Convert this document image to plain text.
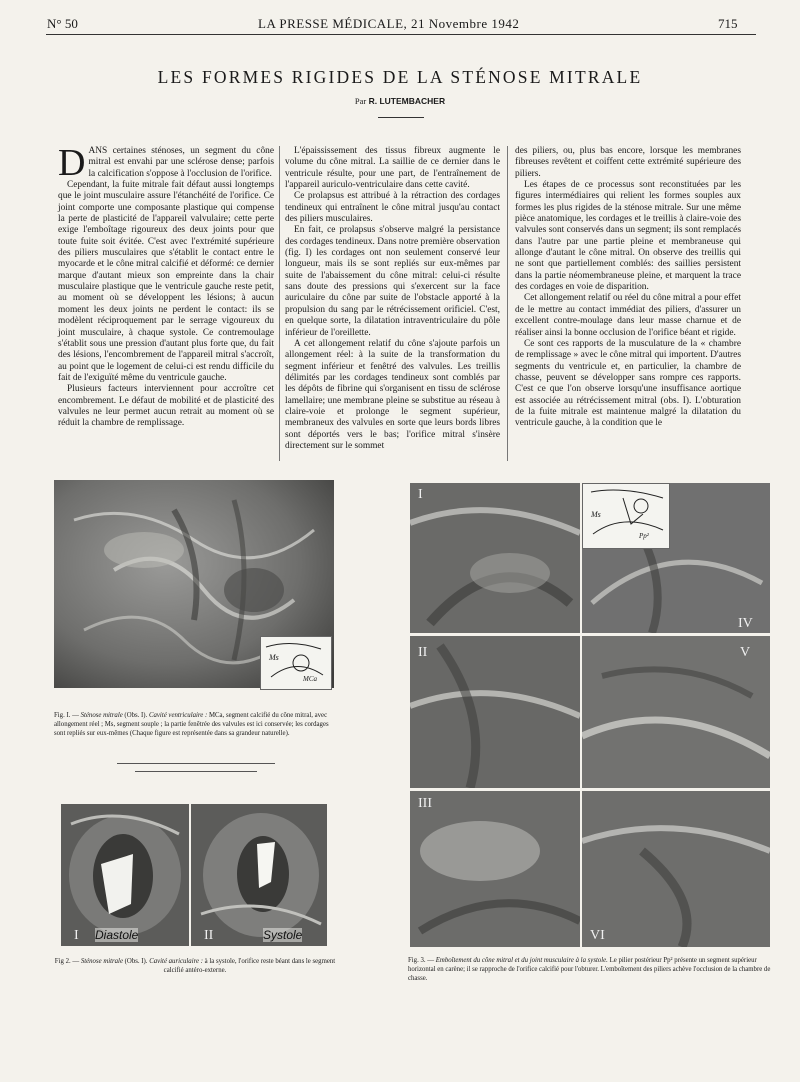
N° 50	LA PRESSE MÉDICALE, 21 Novembre 1942	715
LES FORMES RIGIDES DE LA STÉNOSE MITRALE
Par R. LUTEMBACHER

DANS certaines sténoses, un segment du cône mitral est envahi par une sclérose dense; parfois la calcification s'oppose à l'occlusion de l'orifice.

Cependant, la fuite mitrale fait défaut aussi longtemps que le joint musculaire assure l'étanchéité de l'orifice. Ce joint comporte une composante plastique qui compense la perte de plasticité de l'appareil valvulaire; cette perte exige l'emboîtage rigoureux des deux joints pour que toute fuite soit évitée. C'est avec l'extrémité supérieure des piliers musculaires que s'établit le contact entre le myocarde et le cône mitral calcifié et déformé: ce dernier marque d'autant mieux son empreinte dans la chair musculaire plastique que le ventricule gauche reste petit, au moment où se développent les lésions; à aucun moment les deux joints ne perdent le contact: ils se modèlent réciproquement par le serrage vigoureux du joint musculaire, à chaque systole. Ce contremoulage s'établit sous une pression d'autant plus forte que, du fait des lésions, l'encombrement de l'appareil mitral s'accroît, au point que le logement de celui-ci est rendu difficile du fait de l'exiguïté même du ventricule gauche.

Plusieurs facteurs interviennent pour accroître cet encombrement. Le défaut de mobilité et de plasticité des valvules ne leur permet aucun retrait au moment où se réduit la chambre de remplissage.

L'épaississement des tissus fibreux augmente le volume du cône mitral. La saillie de ce dernier dans le ventricule résulte, pour une part, de l'entraînement de l'appareil auriculo-ventriculaire dans cette cavité.

Ce prolapsus est attribué à la rétraction des cordages tendineux qui entraînent le cône mitral jusqu'au contact des piliers musculaires.

En fait, ce prolapsus s'observe malgré la persistance des cordages tendineux. Dans notre première observation (fig. I) les cordages ont non seulement conservé leur longueur, mais ils se sont repliés sur eux-mêmes par suite de l'abaissement du cône mitral: celui-ci résulte sans doute des pressions qui s'exercent sur la face auriculaire du cône par suite de l'obstacle apporté à la propulsion du sang par le rétrécissement orificiel. C'est, en quelque sorte, la dilatation intraventriculaire du pôle inférieur de l'oreillette.

A cet allongement relatif du cône s'ajoute parfois un allongement réel: à la suite de la transformation du segment inférieur et fenêtré des valvules. Les treillis délimités par les cordages tendineux sont comblés par les dépôts de fibrine qui s'organisent en tissu de sclérose lamellaire; une membrane pleine se substitue au réseau à claire-voie et prolonge le segment supérieur, membraneux des valvules en sorte que leurs bords libres sont déportés vers le bas; l'orifice mitral s'insère directement sur le sommet

des piliers, ou, plus bas encore, lorsque les membranes fibreuses revêtent et coiffent cette extrémité supérieure des piliers.

Les étapes de ce processus sont reconstituées par les figures intermédiaires qui relient les formes souples aux formes les plus rigides de la sténose mitrale. Sur une même pièce anatomique, les cordages et le treillis à claire-voie des valvules sont conservés dans un segment; ils sont remplacés dans l'autre par une partie pleine et membraneuse qui allonge d'autant le cône mitral. On observe des treillis qui ne sont que partiellement comblés: des saillies persistent dans la partie néomembraneuse pleine, et marquent la trace des cordages en voie de disparition.

Cet allongement relatif ou réel du cône mitral a pour effet de le mettre au contact immédiat des piliers, d'assurer un excellent contre-moulage dans leur masse charnue et de réaliser ainsi la bonne occlusion de l'orifice béant et rigide.

Ce sont ces rapports de la musculature de la « chambre de remplissage » avec le cône mitral qui importent. D'autres segments du ventricule et, en particulier, la chambre de chasse, peuvent se développer sans rompre ces rapports. C'est ce que l'on observe lorsqu'une insuffisance aortique est associée au rétrécissement mitral (obs. I). L'obturation de la fuite mitrale est maintenue malgré la dilatation du ventricule gauche, à la condition que le

Ms
MCa
Fig. I. — Sténose mitrale (Obs. I). Cavité ventriculaire : MCa, segment calcifié du cône mitral, avec allongement réel ; Ms, segment souple ; la partie fenêtrée des valvules est ici conservée; les cordages sont repliés sur eux-mêmes (Chaque figure est représentée dans sa grandeur naturelle).
I Diastole	II	Systole
Fig 2. — Sténose mitrale (Obs. I). Cavité auriculaire : à la systole, l'orifice reste béant dans le segment calcifié antéro-externe.
Ms
Pp²
I
II
III
IV
V
VI
Fig. 3. — Emboîtement du cône mitral et du joint musculaire à la systole. Le pilier postérieur Pp² présente un segment supérieur horizontal en carène; il se rapproche de l'orifice calcifié pour l'obturer. L'emboîtement des piliers achève l'occlusion de la chambre de chasse.
